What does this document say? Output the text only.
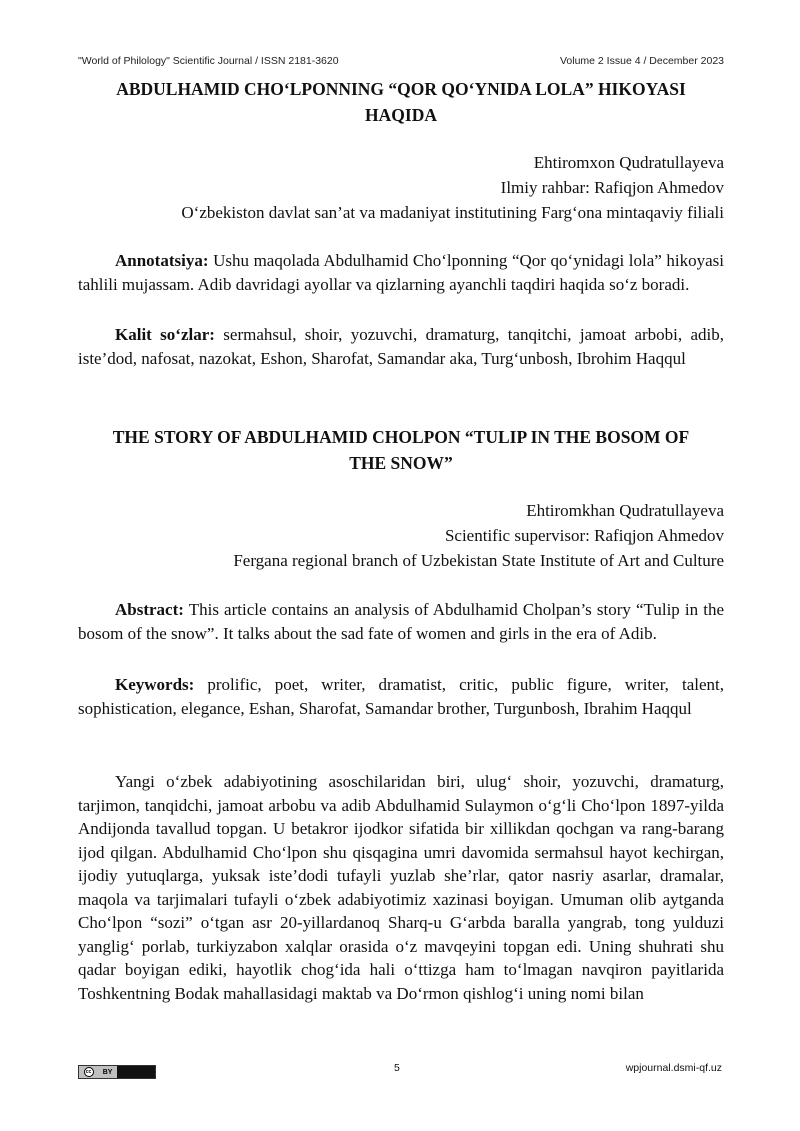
"World of Philology" Scientific Journal / ISSN 2181-3620	Volume 2 Issue 4 / December 2023
ABDULHAMID CHO‘LPONNING “QOR QO‘YNIDA LOLA” HIKOYASI
HAQIDA
Ehtiromxon Qudratullayeva
Ilmiy rahbar: Rafiqjon Ahmedov
O‘zbekiston davlat san’at va madaniyat institutining Farg‘ona mintaqaviy filiali

Annotatsiya: Ushu maqolada Abdulhamid Cho‘lponning “Qor qo‘ynidagi lola” hikoyasi tahlili mujassam. Adib davridagi ayollar va qizlarning ayanchli taqdiri haqida so‘z boradi.

Kalit so‘zlar: sermahsul, shoir, yozuvchi, dramaturg, tanqitchi, jamoat arbobi, adib, iste’dod, nafosat, nazokat, Eshon, Sharofat, Samandar aka, Turg‘unbosh, Ibrohim Haqqul

THE STORY OF ABDULHAMID CHOLPON “TULIP IN THE BOSOM OF
THE SNOW”
Ehtiromkhan Qudratullayeva
Scientific supervisor: Rafiqjon Ahmedov
Fergana regional branch of Uzbekistan State Institute of Art and Culture

Abstract: This article contains an analysis of Abdulhamid Cholpan’s story “Tulip in the bosom of the snow”. It talks about the sad fate of women and girls in the era of Adib.

Keywords: prolific, poet, writer, dramatist, critic, public figure, writer, talent, sophistication, elegance, Eshan, Sharofat, Samandar brother, Turgunbosh, Ibrahim Haqqul

Yangi o‘zbek adabiyotining asoschilaridan biri, ulug‘ shoir, yozuvchi, dramaturg, tarjimon, tanqidchi, jamoat arbobu va adib Abdulhamid Sulaymon o‘g‘li Cho‘lpon 1897-yilda Andijonda tavallud topgan. U betakror ijodkor sifatida bir xillikdan qochgan va rang-barang ijod qilgan. Abdulhamid Cho‘lpon shu qisqagina umri davomida sermahsul hayot kechirgan, ijodiy yutuqlarga, yuksak iste’dodi tufayli yuzlab she’rlar, qator nasriy asarlar, dramalar, maqola va tarjimalari tufayli o‘zbek adabiyotimiz xazinasi boyigan. Umuman olib aytganda Cho‘lpon “sozi” o‘tgan asr 20-yillardanoq Sharq-u G‘arbda baralla yangrab, tong yulduzi yanglig‘ porlab, turkiyzabon xalqlar orasida o‘z mavqeyini topgan edi. Uning shuhrati shu qadar boyigan ediki, hayotlik chog‘ida hali o‘ttizga ham to‘lmagan navqiron payitlarida Toshkentning Bodak mahallasidagi maktab va Do‘rmon qishlog‘i uning nomi bilan

cc	BY	5	wpjournal.dsmi-qf.uz
